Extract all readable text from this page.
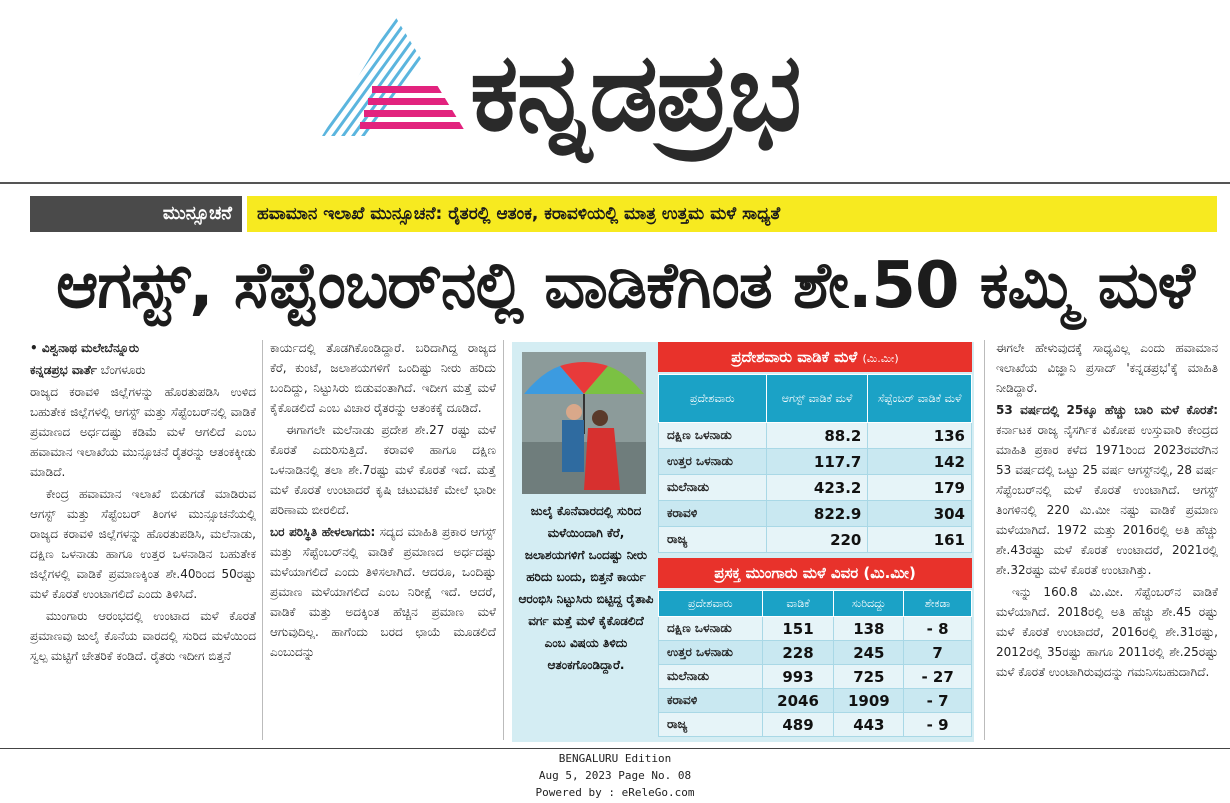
ಕನ್ನಡಪ್ರಭ
ಮುನ್ಸೂಚನೆ	ಹವಾಮಾನ ಇಲಾಖೆ ಮುನ್ಸೂಚನೆ: ರೈತರಲ್ಲಿ ಆತಂಕ, ಕರಾವಳಿಯಲ್ಲಿ ಮಾತ್ರ ಉತ್ತಮ ಮಳೆ ಸಾಧ್ಯತೆ
ಆಗಸ್ಟ್, ಸೆಪ್ಟೆಂಬರ್‌ನಲ್ಲಿ ವಾಡಿಕೆಗಿಂತ ಶೇ.50 ಕಮ್ಮಿ ಮಳೆ

• ವಿಶ್ವನಾಥ ಮಲೇಬೆನ್ನೂರು

ಕನ್ನಡಪ್ರಭ ವಾರ್ತೆ ಬೆಂಗಳೂರು

ರಾಜ್ಯದ ಕರಾವಳಿ ಜಿಲ್ಲೆಗಳನ್ನು ಹೊರತುಪಡಿಸಿ ಉಳಿದ ಬಹುತೇಕ ಜಿಲ್ಲೆಗಳಲ್ಲಿ ಆಗಸ್ಟ್ ಮತ್ತು ಸೆಪ್ಟೆಂಬರ್‌ನಲ್ಲಿ ವಾಡಿಕೆ ಪ್ರಮಾಣದ ಅರ್ಧದಷ್ಟು ಕಡಿಮೆ ಮಳೆ ಆಗಲಿದೆ ಎಂಬ ಹವಾಮಾನ ಇಲಾಖೆಯ ಮುನ್ಸೂಚನೆ ರೈತರನ್ನು ಆತಂಕಕ್ಕೀಡು ಮಾಡಿದೆ.

ಕೇಂದ್ರ ಹವಾಮಾನ ಇಲಾಖೆ ಬಿಡುಗಡೆ ಮಾಡಿರುವ ಆಗಸ್ಟ್ ಮತ್ತು ಸೆಪ್ಟೆಂಬರ್ ತಿಂಗಳ ಮುನ್ಸೂಚನೆಯಲ್ಲಿ ರಾಜ್ಯದ ಕರಾವಳಿ ಜಿಲ್ಲೆಗಳನ್ನು ಹೊರತುಪಡಿಸಿ, ಮಲೆನಾಡು, ದಕ್ಷಿಣ ಒಳನಾಡು ಹಾಗೂ ಉತ್ತರ ಒಳನಾಡಿನ ಬಹುತೇಕ ಜಿಲ್ಲೆಗಳಲ್ಲಿ ವಾಡಿಕೆ ಪ್ರಮಾಣಕ್ಕಿಂತ ಶೇ.40ರಿಂದ 50ರಷ್ಟು ಮಳೆ ಕೊರತೆ ಉಂಟಾಗಲಿದೆ ಎಂದು ತಿಳಿಸಿದೆ.

ಮುಂಗಾರು ಆರಂಭದಲ್ಲಿ ಉಂಟಾದ ಮಳೆ ಕೊರತೆ ಪ್ರಮಾಣವು ಜುಲೈ ಕೊನೆಯ ವಾರದಲ್ಲಿ ಸುರಿದ ಮಳೆಯಿಂದ ಸ್ವಲ್ಪ ಮಟ್ಟಿಗೆ ಚೇತರಿಕೆ ಕಂಡಿದೆ. ರೈತರು ಇದೀಗ ಬಿತ್ತನೆ

ಕಾರ್ಯದಲ್ಲಿ ತೊಡಗಿಕೊಂಡಿದ್ದಾರೆ. ಬರಿದಾಗಿದ್ದ ರಾಜ್ಯದ ಕೆರೆ, ಕುಂಟೆ, ಜಲಾಶಯಗಳಿಗೆ ಒಂದಿಷ್ಟು ನೀರು ಹರಿದು ಬಂದಿದ್ದು, ನಿಟ್ಟುಸಿರು ಬಿಡುವಂತಾಗಿದೆ. ಇದೀಗ ಮತ್ತೆ ಮಳೆ ಕೈಕೊಡಲಿದೆ ಎಂಬ ವಿಚಾರ ರೈತರನ್ನು ಆತಂಕಕ್ಕೆ ದೂಡಿದೆ.

ಈಗಾಗಲೇ ಮಲೆನಾಡು ಪ್ರದೇಶ ಶೇ.27 ರಷ್ಟು ಮಳೆ ಕೊರತೆ ಎದುರಿಸುತ್ತಿದೆ. ಕರಾವಳಿ ಹಾಗೂ ದಕ್ಷಿಣ ಒಳನಾಡಿನಲ್ಲಿ ತಲಾ ಶೇ.7ರಷ್ಟು ಮಳೆ ಕೊರತೆ ಇದೆ. ಮತ್ತೆ ಮಳೆ ಕೊರತೆ ಉಂಟಾದರೆ ಕೃಷಿ ಚಟುವಟಿಕೆ ಮೇಲೆ ಭಾರೀ ಪರಿಣಾಮ ಬೀರಲಿದೆ.

ಬರ ಪರಿಸ್ಥಿತಿ ಹೇಳಲಾಗದು: ಸದ್ಯದ ಮಾಹಿತಿ ಪ್ರಕಾರ ಆಗಸ್ಟ್ ಮತ್ತು ಸೆಪ್ಟೆಂಬರ್‌ನಲ್ಲಿ ವಾಡಿಕೆ ಪ್ರಮಾಣದ ಅರ್ಧದಷ್ಟು ಮಳೆಯಾಗಲಿದೆ ಎಂದು ತಿಳಿಸಲಾಗಿದೆ. ಆದರೂ, ಒಂದಿಷ್ಟು ಪ್ರಮಾಣ ಮಳೆಯಾಗಲಿದೆ ಎಂಬ ನಿರೀಕ್ಷೆ ಇದೆ. ಆದರೆ, ವಾಡಿಕೆ ಮತ್ತು ಅದಕ್ಕಿಂತ ಹೆಚ್ಚಿನ ಪ್ರಮಾಣ ಮಳೆ ಆಗುವುದಿಲ್ಲ. ಹಾಗೆಂದು ಬರದ ಛಾಯೆ ಮೂಡಲಿದೆ ಎಂಬುದನ್ನು

ಜುಲೈ ಕೊನೆವಾರದಲ್ಲಿ ಸುರಿದ ಮಳೆಯಿಂದಾಗಿ ಕೆರೆ, ಜಲಾಶಯಗಳಿಗೆ ಒಂದಷ್ಟು ನೀರು ಹರಿದು ಬಂದು, ಬಿತ್ತನೆ ಕಾರ್ಯ ಆರಂಭಿಸಿ ನಿಟ್ಟುಸಿರು ಬಿಟ್ಟಿದ್ದ ರೈತಾಪಿ ವರ್ಗ ಮತ್ತೆ ಮಳೆ ಕೈಕೊಡಲಿದೆ ಎಂಬ ವಿಷಯ ತಿಳಿದು ಆತಂಕಗೊಂಡಿದ್ದಾರೆ.
ಪ್ರದೇಶವಾರು ವಾಡಿಕೆ ಮಳೆ (ಮಿ.ಮೀ)
ಪ್ರದೇಶವಾರು	ಆಗಸ್ಟ್ ವಾಡಿಕೆ ಮಳೆ	ಸೆಪ್ಟೆಂಬರ್ ವಾಡಿಕೆ ಮಳೆ
ದಕ್ಷಿಣ ಒಳನಾಡು	88.2	136
ಉತ್ತರ ಒಳನಾಡು	117.7	142
ಮಲೆನಾಡು	423.2	179
ಕರಾವಳಿ	822.9	304
ರಾಜ್ಯ	220	161
ಪ್ರಸಕ್ತ ಮುಂಗಾರು ಮಳೆ ವಿವರ (ಮಿ.ಮೀ)
ಪ್ರದೇಶವಾರು	ವಾಡಿಕೆ	ಸುರಿದದ್ದು	ಶೇಕಡಾ
ದಕ್ಷಿಣ ಒಳನಾಡು	151	138	- 8
ಉತ್ತರ ಒಳನಾಡು	228	245	7
ಮಲೆನಾಡು	993	725	- 27
ಕರಾವಳಿ	2046	1909	- 7
ರಾಜ್ಯ	489	443	- 9

ಈಗಲೇ ಹೇಳುವುದಕ್ಕೆ ಸಾಧ್ಯವಿಲ್ಲ ಎಂದು ಹವಾಮಾನ ಇಲಾಖೆಯ ವಿಜ್ಞಾನಿ ಪ್ರಸಾದ್ 'ಕನ್ನಡಪ್ರಭ'ಕ್ಕೆ ಮಾಹಿತಿ ನೀಡಿದ್ದಾರೆ.

53 ವರ್ಷದಲ್ಲಿ 25ಕ್ಕೂ ಹೆಚ್ಚು ಬಾರಿ ಮಳೆ ಕೊರತೆ: ಕರ್ನಾಟಕ ರಾಜ್ಯ ನೈಸರ್ಗಿಕ ವಿಕೋಪ ಉಸ್ತುವಾರಿ ಕೇಂದ್ರದ ಮಾಹಿತಿ ಪ್ರಕಾರ ಕಳೆದ 1971ರಿಂದ 2023ರವರೆಗಿನ 53 ವರ್ಷದಲ್ಲಿ ಒಟ್ಟು 25 ವರ್ಷ ಆಗಸ್ಟ್‌ನಲ್ಲಿ, 28 ವರ್ಷ ಸೆಪ್ಟೆಂಬರ್‌ನಲ್ಲಿ ಮಳೆ ಕೊರತೆ ಉಂಟಾಗಿದೆ. ಆಗಸ್ಟ್ ತಿಂಗಳಿನಲ್ಲಿ 220 ಮಿ.ಮೀ ನಷ್ಟು ವಾಡಿಕೆ ಪ್ರಮಾಣ ಮಳೆಯಾಗಿದೆ. 1972 ಮತ್ತು 2016ರಲ್ಲಿ ಅತಿ ಹೆಚ್ಚು ಶೇ.43ರಷ್ಟು ಮಳೆ ಕೊರತೆ ಉಂಟಾದರೆ, 2021ರಲ್ಲಿ ಶೇ.32ರಷ್ಟು ಮಳೆ ಕೊರತೆ ಉಂಟಾಗಿತ್ತು.

ಇನ್ನು 160.8 ಮಿ.ಮೀ. ಸೆಪ್ಟೆಂಬರ್‌ನ ವಾಡಿಕೆ ಮಳೆಯಾಗಿದೆ. 2018ರಲ್ಲಿ ಅತಿ ಹೆಚ್ಚು ಶೇ.45 ರಷ್ಟು ಮಳೆ ಕೊರತೆ ಉಂಟಾದರೆ, 2016ರಲ್ಲಿ ಶೇ.31ರಷ್ಟು, 2012ರಲ್ಲಿ 35ರಷ್ಟು ಹಾಗೂ 2011ರಲ್ಲಿ ಶೇ.25ರಷ್ಟು ಮಳೆ ಕೊರತೆ ಉಂಟಾಗಿರುವುದನ್ನು ಗಮನಿಸಬಹುದಾಗಿದೆ.

BENGALURU Edition
Aug 5, 2023 Page No. 08
Powered by : eReleGo.com
